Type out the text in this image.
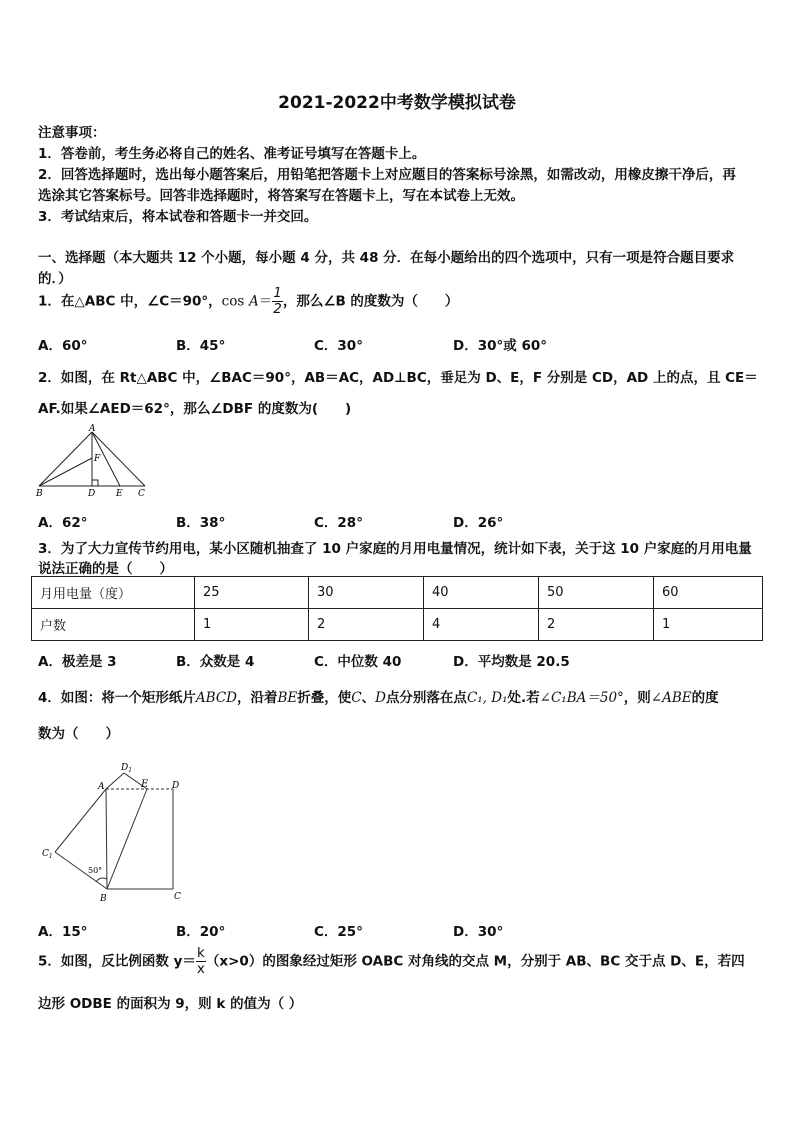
2021-2022中考数学模拟试卷
注意事项：
1．答卷前，考生务必将自己的姓名、准考证号填写在答题卡上。
2．回答选择题时，选出每小题答案后，用铅笔把答题卡上对应题目的答案标号涂黑，如需改动，用橡皮擦干净后，再
选涂其它答案标号。回答非选择题时，将答案写在答题卡上，写在本试卷上无效。
3．考试结束后，将本试卷和答题卡一并交回。
一、选择题（本大题共 12 个小题，每小题 4 分，共 48 分．在每小题给出的四个选项中，只有一项是符合题目要求
的．）
1．在△ABC 中，∠C＝90°，$\cos A= \frac{1}{2}$ ，那么∠B 的度数为（　　）
A．60°	B．45°	C．30°	D．30°或 60°
2．如图，在 Rt△ABC 中，∠BAC＝90°，AB＝AC，AD⊥BC，垂足为 D、E，F 分别是 CD，AD 上的点，且 CE＝
AF.如果∠AED＝62°，那么∠DBF 的度数为(　　)
A
B	D E C
F
A．62°	B．38°	C．28°	D．26°
3．为了大力宣传节约用电，某小区随机抽查了 10 户家庭的月用电量情况，统计如下表，关于这 10 户家庭的月用电量
说法正确的是（　　）
月用电量（度）	25	30	40	50	60
户数	1	2	4	2	1
A．极差是 3	B．众数是 4	C．中位数 40	D．平均数是 20.5
4．如图：将一个矩形纸片ABCD，沿着BE折叠，使C、D点分别落在点C₁, D₁处.若∠C₁BA＝50°，则∠ABE的度
数为（　　）
A
$D_1$
E	D
$C_1$
50°
B	C
A．15°	B．20°	C．25°	D．30°
5．如图，反比例函数 $y= \frac{k}{x} (x>0)$的图象经过矩形 OABC 对角线的交点 M，分别于 AB、BC 交于点 D、E，若四
边形 ODBE 的面积为 9，则 k 的值为（ ）
